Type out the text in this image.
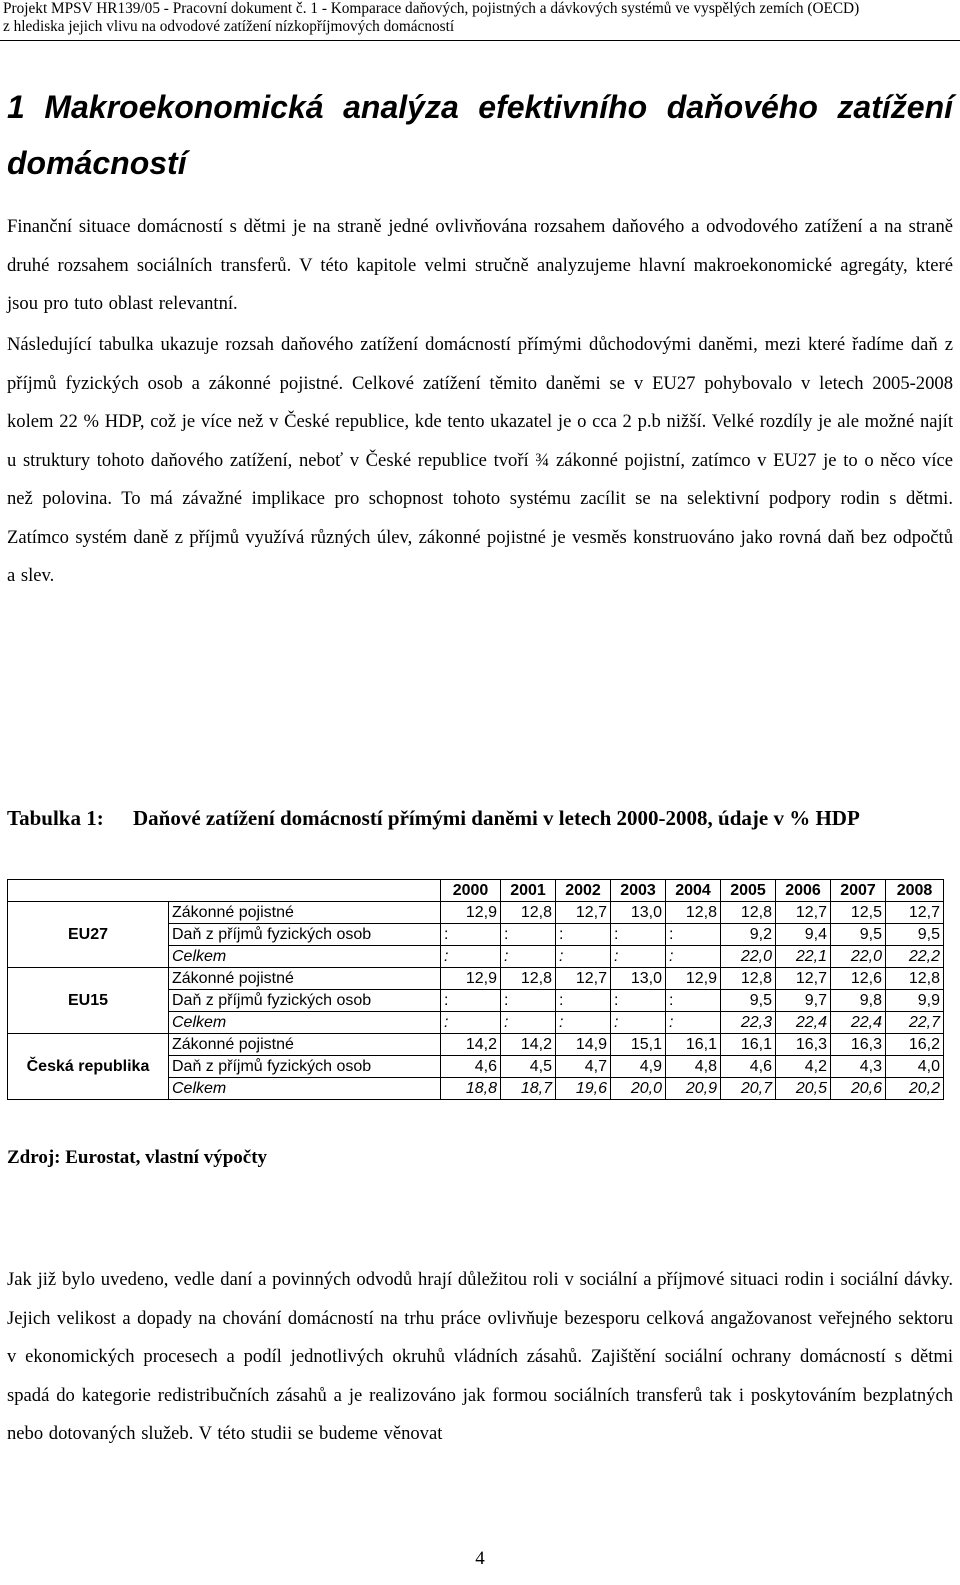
Projekt MPSV HR139/05 - Pracovní dokument č. 1 - Komparace daňových, pojistných a dávkových systémů ve vyspělých zemích (OECD)
z hlediska jejich vlivu na odvodové zatížení nízkopříjmových domácností
1 Makroekonomická analýza efektivního daňového zatížení domácností
Finanční situace domácností s dětmi je na straně jedné ovlivňována rozsahem daňového a odvodového zatížení a na straně druhé rozsahem sociálních transferů. V této kapitole velmi stručně analyzujeme hlavní makroekonomické agregáty, které jsou pro tuto oblast relevantní.
Následující tabulka ukazuje rozsah daňového zatížení domácností přímými důchodovými daněmi, mezi které řadíme daň z příjmů fyzických osob a zákonné pojistné. Celkové zatížení těmito daněmi se v EU27 pohybovalo v letech 2005-2008 kolem 22 % HDP, což je více než v České republice, kde tento ukazatel je o cca 2 p.b nižší. Velké rozdíly je ale možné najít u struktury tohoto daňového zatížení, neboť v České republice tvoří ¾ zákonné pojistní, zatímco v EU27 je to o něco více než polovina. To má závažné implikace pro schopnost tohoto systému zacílit se na selektivní podpory rodin s dětmi. Zatímco systém daně z příjmů využívá různých úlev, zákonné pojistné je vesměs konstruováno jako rovná daň bez odpočtů a slev.
Tabulka 1: Daňové zatížení domácností přímými daněmi v letech 2000-2008, údaje v % HDP
		2000	2001	2002	2003	2004	2005	2006	2007	2008
EU27	Zákonné pojistné	12,9	12,8	12,7	13,0	12,8	12,8	12,7	12,5	12,7
	Daň z příjmů fyzických osob	:	:	:	:	:	9,2	9,4	9,5	9,5
	Celkem	:	:	:	:	:	22,0	22,1	22,0	22,2
EU15	Zákonné pojistné	12,9	12,8	12,7	13,0	12,9	12,8	12,7	12,6	12,8
	Daň z příjmů fyzických osob	:	:	:	:	:	9,5	9,7	9,8	9,9
	Celkem	:	:	:	:	:	22,3	22,4	22,4	22,7
Česká republika	Zákonné pojistné	14,2	14,2	14,9	15,1	16,1	16,1	16,3	16,3	16,2
	Daň z příjmů fyzických osob	4,6	4,5	4,7	4,9	4,8	4,6	4,2	4,3	4,0
	Celkem	18,8	18,7	19,6	20,0	20,9	20,7	20,5	20,6	20,2
Zdroj: Eurostat, vlastní výpočty
Jak již bylo uvedeno, vedle daní a povinných odvodů hrají důležitou roli v sociální a příjmové situaci rodin i sociální dávky. Jejich velikost a dopady na chování domácností na trhu práce ovlivňuje bezesporu celková angažovanost veřejného sektoru v ekonomických procesech a podíl jednotlivých okruhů vládních zásahů. Zajištění sociální ochrany domácností s dětmi spadá do kategorie redistribučních zásahů a je realizováno jak formou sociálních transferů tak i poskytováním bezplatných nebo dotovaných služeb. V této studii se budeme věnovat
4
